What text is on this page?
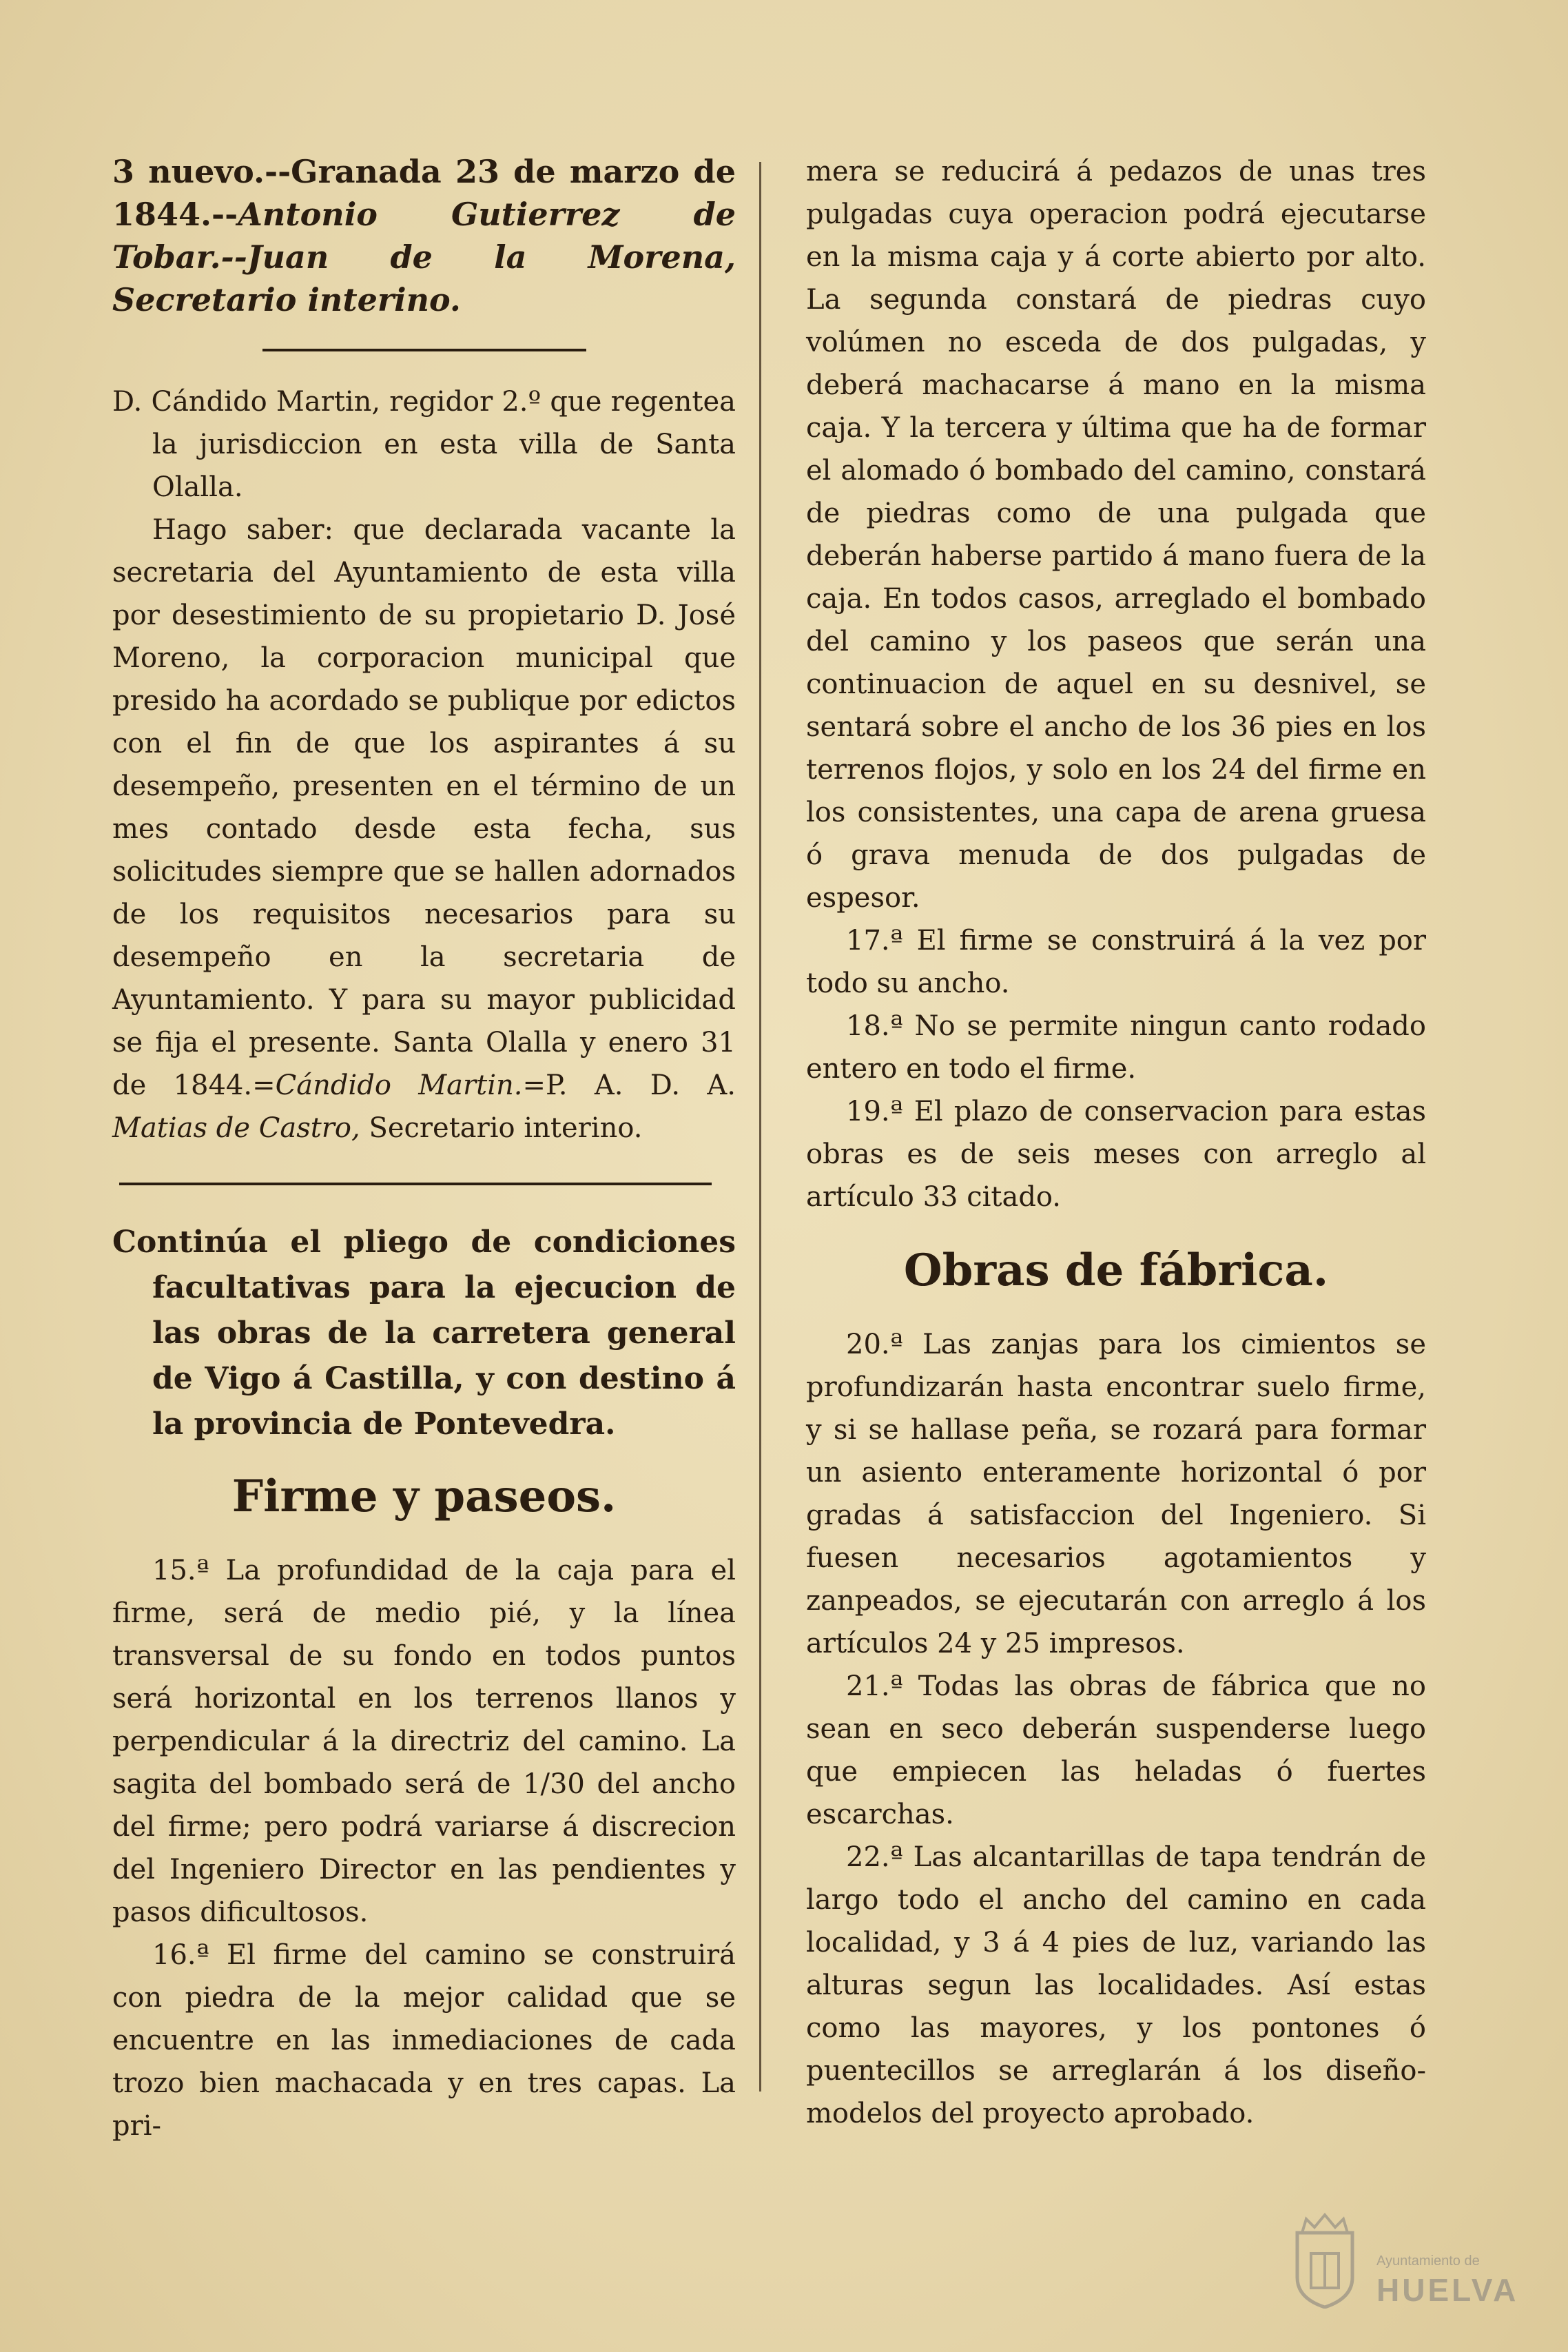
3 nuevo.--Granada 23 de marzo de 1844.--Antonio Gutierrez de Tobar.--Juan de la Morena, Secretario interino.

D. Cándido Martin, regidor 2.º que regentea la jurisdiccion en esta villa de Santa Olalla.

Hago saber: que declarada vacante la secretaria del Ayuntamiento de esta villa por desestimiento de su propietario D. José Moreno, la corporacion municipal que presido ha acordado se publique por edictos con el fin de que los aspirantes á su desempeño, presenten en el término de un mes contado desde esta fecha, sus solicitudes siempre que se hallen adornados de los requisitos necesarios para su desempeño en la secretaria de Ayuntamiento. Y para su mayor publicidad se fija el presente. Santa Olalla y enero 31 de 1844.=Cándido Martin.=P. A. D. A. Matias de Castro, Secretario interino.

Continúa el pliego de condiciones facultativas para la ejecucion de las obras de la carretera general de Vigo á Castilla, y con destino á la provincia de Pontevedra.

Firme y paseos.

15.ª La profundidad de la caja para el firme, será de medio pié, y la línea transversal de su fondo en todos puntos será horizontal en los terrenos llanos y perpendicular á la directriz del camino. La sagita del bombado será de 1/30 del ancho del firme; pero podrá variarse á discrecion del Ingeniero Director en las pendientes y pasos dificultosos.

16.ª El firme del camino se construirá con piedra de la mejor calidad que se encuentre en las inmediaciones de cada trozo bien machacada y en tres capas. La pri-

mera se reducirá á pedazos de unas tres pulgadas cuya operacion podrá ejecutarse en la misma caja y á corte abierto por alto. La segunda constará de piedras cuyo volúmen no esceda de dos pulgadas, y deberá machacarse á mano en la misma caja. Y la tercera y última que ha de formar el alomado ó bombado del camino, constará de piedras como de una pulgada que deberán haberse partido á mano fuera de la caja. En todos casos, arreglado el bombado del camino y los paseos que serán una continuacion de aquel en su desnivel, se sentará sobre el ancho de los 36 pies en los terrenos flojos, y solo en los 24 del firme en los consistentes, una capa de arena gruesa ó grava menuda de dos pulgadas de espesor.

17.ª El firme se construirá á la vez por todo su ancho.

18.ª No se permite ningun canto rodado entero en todo el firme.

19.ª El plazo de conservacion para estas obras es de seis meses con arreglo al artículo 33 citado.

Obras de fábrica.

20.ª Las zanjas para los cimientos se profundizarán hasta encontrar suelo firme, y si se hallase peña, se rozará para formar un asiento enteramente horizontal ó por gradas á satisfaccion del Ingeniero. Si fuesen necesarios agotamientos y zanpeados, se ejecutarán con arreglo á los artículos 24 y 25 impresos.

21.ª Todas las obras de fábrica que no sean en seco deberán suspenderse luego que empiecen las heladas ó fuertes escarchas.

22.ª Las alcantarillas de tapa tendrán de largo todo el ancho del camino en cada localidad, y 3 á 4 pies de luz, variando las alturas segun las localidades. Así estas como las mayores, y los pontones ó puentecillos se arreglarán á los diseño-modelos del proyecto aprobado.

Ayuntamiento de
HUELVA
